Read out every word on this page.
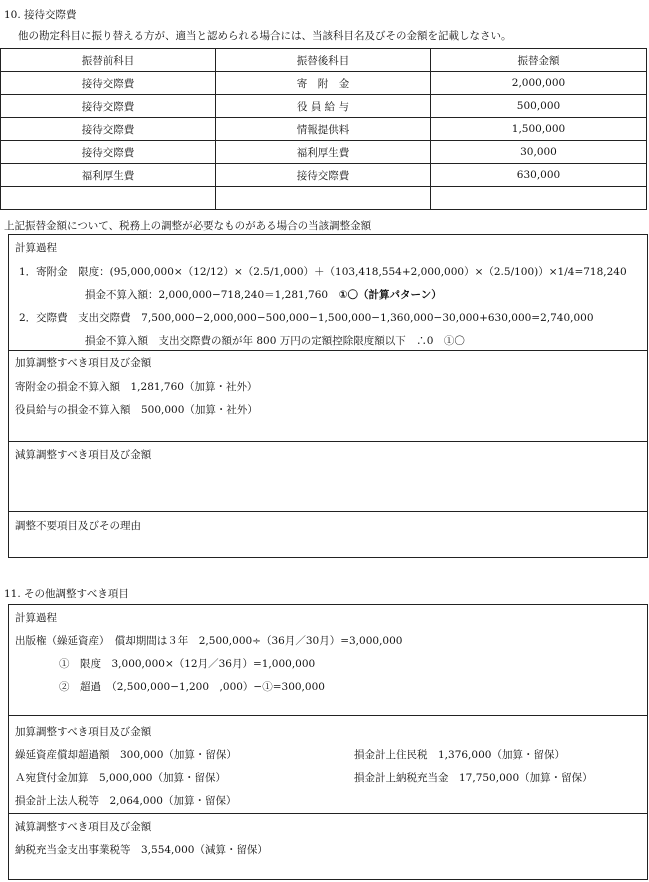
10. 接待交際費
他の勘定科目に振り替える方が、適当と認められる場合には、当該科目名及びその金額を記載しなさい。
振替前科目	振替後科目	振替金額
接待交際費	寄　附　金	2,000,000
接待交際費	役 員 給 与	500,000
接待交際費	情報提供料	1,500,000
接待交際費	福利厚生費	30,000
福利厚生費	接待交際費	630,000

上記振替金額について、税務上の調整が必要なものがある場合の当該調整金額
計算過程
1．寄附金　限度：(95,000,000×（12/12）×（2.5/1,000）＋（103,418,554+2,000,000）×（2.5/100)）×1/4=718,240
損金不算入額：2,000,000−718,240＝1,281,760　①〇（計算パターン）
2．交際費　支出交際費　7,500,000−2,000,000−500,000−1,500,000−1,360,000−30,000+630,000=2,740,000
損金不算入額　支出交際費の額が年 800 万円の定額控除限度額以下　∴0　①〇
加算調整すべき項目及び金額
寄附金の損金不算入額　1,281,760（加算・社外）
役員給与の損金不算入額　500,000（加算・社外）
減算調整すべき項目及び金額
調整不要項目及びその理由
11. その他調整すべき項目
計算過程
出版権（繰延資産）　償却期間は３年　2,500,000÷（36月／30月）=3,000,000
①　限度　3,000,000×（12月／36月）=1,000,000
②　超過　（2,500,000−1,200　,000）−①=300,000
加算調整すべき項目及び金額
繰延資産償却超過額　300,000（加算・留保）
Ａ宛貸付金加算　5,000,000（加算・留保）
損金計上法人税等　2,064,000（加算・留保）
損金計上住民税　1,376,000（加算・留保）
損金計上納税充当金　17,750,000（加算・留保）
減算調整すべき項目及び金額
納税充当金支出事業税等　3,554,000（減算・留保）
